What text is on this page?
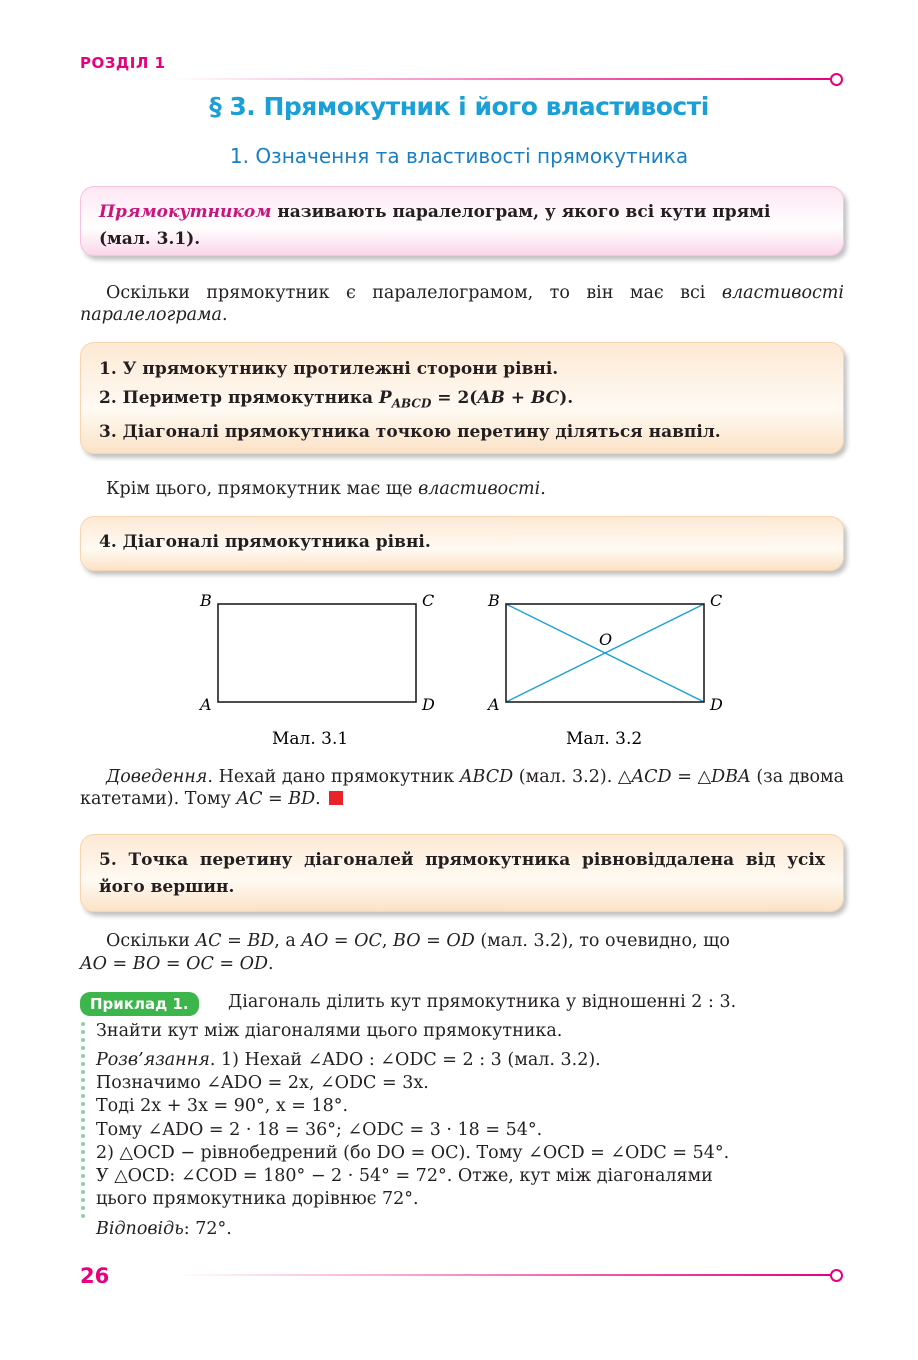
РОЗДІЛ 1
§ 3. Прямокутник і його властивості
1. Означення та властивості прямокутника
Прямокутником називають паралелограм, у якого всі кути прямі (мал. 3.1).
Оскільки прямокутник є паралелограмом, то він має всі властивості паралелограма.
1. У прямокутнику протилежні сторони рівні.
2. Периметр прямокутника $P_{ABCD} = 2(AB + BC)$.
3. Діагоналі прямокутника точкою перетину діляться навпіл.
Крім цього, прямокутник має ще властивості.
4. Діагоналі прямокутника рівні.
B	C
A	D
Мал. 3.1
B	C
A	D
O
Мал. 3.2
Доведення. Нехай дано прямокутник ABCD (мал. 3.2). △ACD = △DBA (за двома катетами). Тому AC = BD.
5. Точка перетину діагоналей прямокутника рівновіддалена від усіх його вершин.
Оскільки AC = BD, а AO = OC, BO = OD (мал. 3.2), то очевидно, що
AO = BO = OC = OD.
Приклад 1.	Діагональ ділить кут прямокутника у відношенні 2 : 3.
Знайти кут між діагоналями цього прямокутника.
Розв’язання. 1) Нехай ∠ADO : ∠ODC = 2 : 3 (мал. 3.2).
Позначимо ∠ADO = 2x, ∠ODC = 3x.
Тоді 2x + 3x = 90°, x = 18°.
Тому ∠ADO = 2 · 18 = 36°; ∠ODC = 3 · 18 = 54°.
2) △OCD − рівнобедрений (бо DO = OC). Тому ∠OCD = ∠ODC = 54°.
У △OCD: ∠COD = 180° − 2 · 54° = 72°. Отже, кут між діагоналями
цього прямокутника дорівнює 72°.
Відповідь: 72°.
26
